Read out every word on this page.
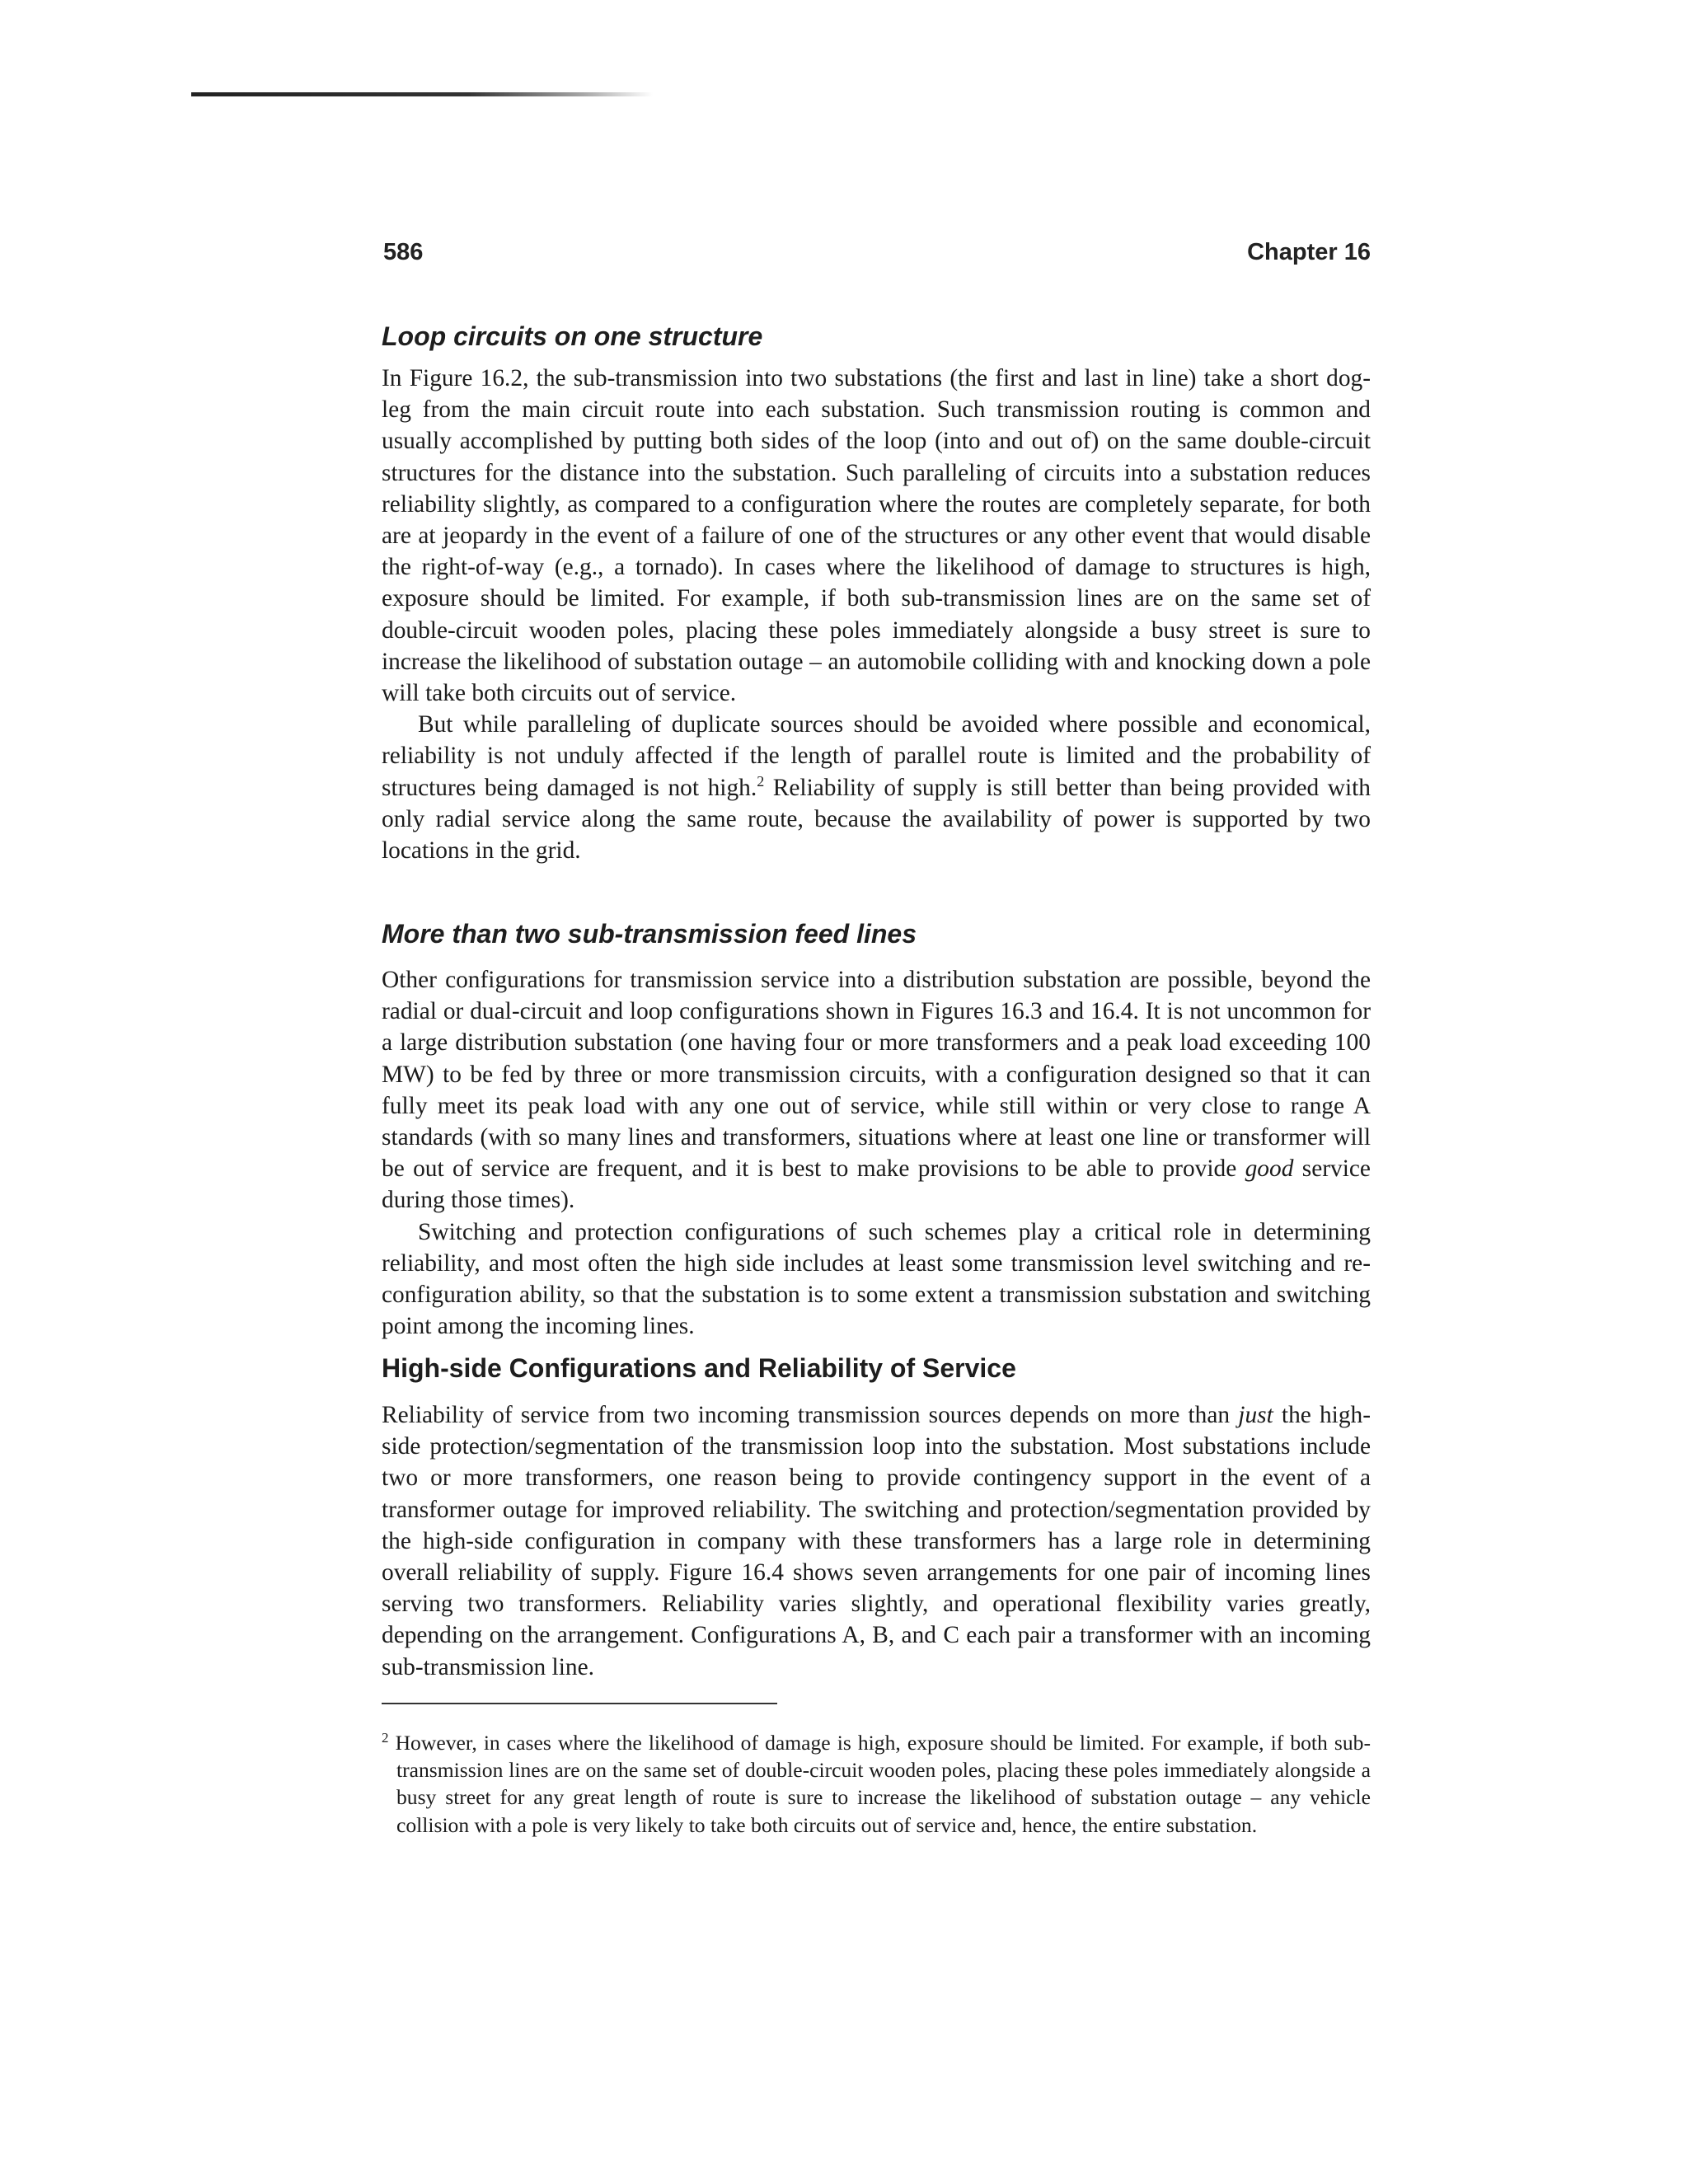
586	Chapter 16
Loop circuits on one structure

In Figure 16.2, the sub-transmission into two substations (the first and last in line) take a short dog-leg from the main circuit route into each substation. Such transmission routing is common and usually accomplished by putting both sides of the loop (into and out of) on the same double-circuit structures for the distance into the substation. Such paralleling of circuits into a substation reduces reliability slightly, as compared to a configuration where the routes are completely separate, for both are at jeopardy in the event of a failure of one of the structures or any other event that would disable the right-of-way (e.g., a tornado). In cases where the likelihood of damage to structures is high, exposure should be limited. For example, if both sub-transmission lines are on the same set of double-circuit wooden poles, placing these poles immediately alongside a busy street is sure to increase the likelihood of substation outage – an automobile colliding with and knocking down a pole will take both circuits out of service.

But while paralleling of duplicate sources should be avoided where possible and economical, reliability is not unduly affected if the length of parallel route is limited and the probability of structures being damaged is not high.$^2$ Reliability of supply is still better than being provided with only radial service along the same route, because the availability of power is supported by two locations in the grid.

More than two sub-transmission feed lines

Other configurations for transmission service into a distribution substation are possible, beyond the radial or dual-circuit and loop configurations shown in Figures 16.3 and 16.4. It is not uncommon for a large distribution substation (one having four or more transformers and a peak load exceeding 100 MW) to be fed by three or more transmission circuits, with a configuration designed so that it can fully meet its peak load with any one out of service, while still within or very close to range A standards (with so many lines and transformers, situations where at least one line or transformer will be out of service are frequent, and it is best to make provisions to be able to provide good service during those times).

Switching and protection configurations of such schemes play a critical role in determining reliability, and most often the high side includes at least some transmission level switching and re-configuration ability, so that the substation is to some extent a transmission substation and switching point among the incoming lines.

High-side Configurations and Reliability of Service

Reliability of service from two incoming transmission sources depends on more than just the high-side protection/segmentation of the transmission loop into the substation. Most substations include two or more transformers, one reason being to provide contingency support in the event of a transformer outage for improved reliability. The switching and protection/segmentation provided by the high-side configuration in company with these transformers has a large role in determining overall reliability of supply. Figure 16.4 shows seven arrangements for one pair of incoming lines serving two transformers. Reliability varies slightly, and operational flexibility varies greatly, depending on the arrangement. Configurations A, B, and C each pair a transformer with an incoming sub-transmission line.

$^2$ However, in cases where the likelihood of damage is high, exposure should be limited. For example, if both sub-transmission lines are on the same set of double-circuit wooden poles, placing these poles immediately alongside a busy street for any great length of route is sure to increase the likelihood of substation outage – any vehicle collision with a pole is very likely to take both circuits out of service and, hence, the entire substation.
